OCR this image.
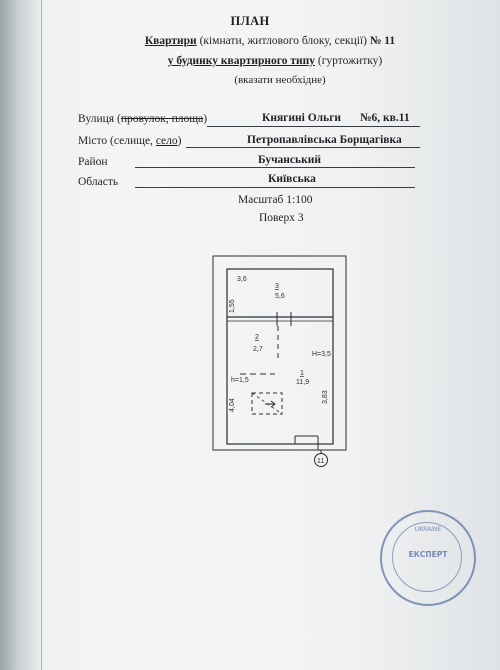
ПЛАН
Квартири (кімнати, житлового блоку, секції) № 11
у будинку квартирного типу (гуртожитку)
(вказати необхідне)
Вулиця (провулок, площа)	Княгині Ольги №6, кв.11
Місто (селище, село)	Петропавлівська Борщагівка
Район	Бучанський
Область	Київська
Масштаб 1:100
Поверх 3
3,6
3
5,6
1,55
2
2,7
H=3,5
1
11,9
h=1,5
4,04
3,83
11
UKRAINE
ЕКСПЕРТ
